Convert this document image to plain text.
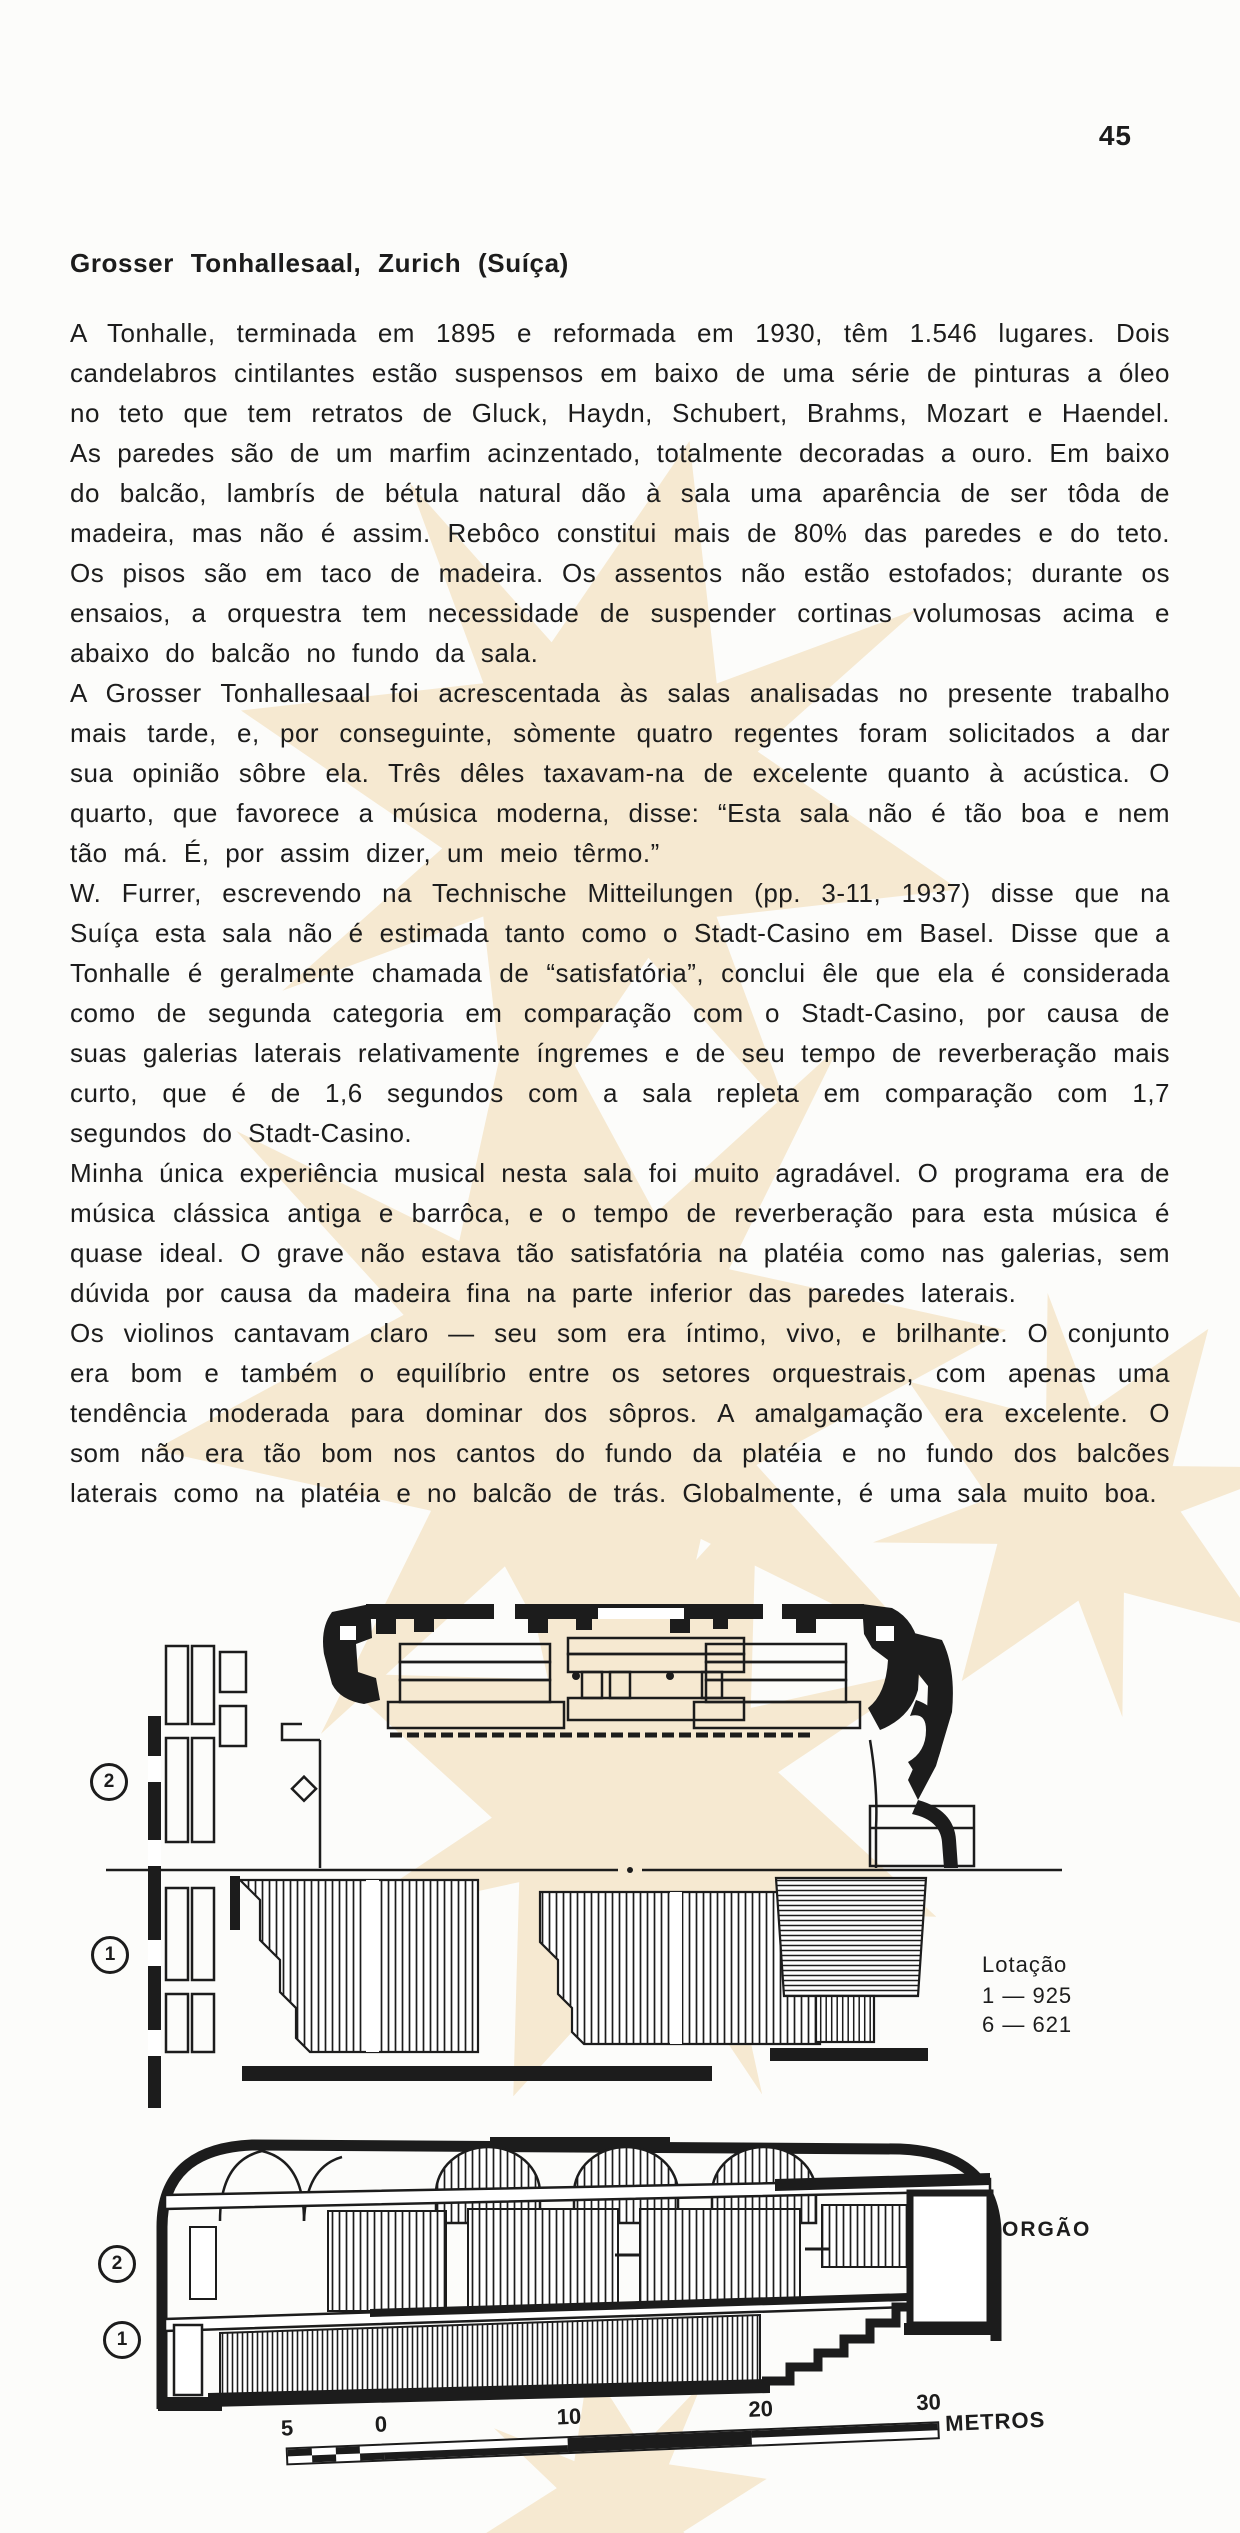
45
Grosser Tonhallesaal, Zurich (Suíça)

A Tonhalle, terminada em 1895 e reformada em 1930, têm 1.546 lugares. Dois candelabros cintilantes estão suspensos em baixo de uma série de pinturas a óleo no teto que tem retratos de Gluck, Haydn, Schubert, Brahms, Mozart e Haendel. As paredes são de um marfim acinzentado, totalmente decoradas a ouro. Em baixo do balcão, lambrís de bétula natural dão à sala uma aparência de ser tôda de madeira, mas não é assim. Rebôco constitui mais de 80% das paredes e do teto. Os pisos são em taco de madeira. Os assentos não estão estofados; durante os ensaios, a orquestra tem necessidade de suspender cortinas volumosas acima e abaixo do balcão no fundo da sala.

A Grosser Tonhallesaal foi acrescentada às salas analisadas no presente trabalho mais tarde, e, por conseguinte, sòmente quatro regentes foram solicitados a dar sua opinião sôbre ela. Três dêles taxavam-na de excelente quanto à acústica. O quarto, que favorece a música moderna, disse: “Esta sala não é tão boa e nem tão má. É, por assim dizer, um meio têrmo.”

W. Furrer, escrevendo na Technische Mitteilungen (pp. 3-11, 1937) disse que na Suíça esta sala não é estimada tanto como o Stadt-Casino em Basel. Disse que a Tonhalle é geralmente chamada de “satisfatória”, conclui êle que ela é considerada como de segunda categoria em comparação com o Stadt-Casino, por causa de suas galerias laterais relativamente íngremes e de seu tempo de reverberação mais curto, que é de 1,6 segundos com a sala repleta em comparação com 1,7 segundos do Stadt-Casino.

Minha única experiência musical nesta sala foi muito agradável. O programa era de música clássica antiga e barrôca, e o tempo de reverberação para esta música é quase ideal. O grave não estava tão satisfatória na platéia como nas galerias, sem dúvida por causa da madeira fina na parte inferior das paredes laterais.

Os violinos cantavam claro — seu som era íntimo, vivo, e brilhante. O conjunto era bom e também o equilíbrio entre os setores orquestrais, com apenas uma tendência moderada para dominar dos sôpros. A amalgamação era excelente. O som não era tão bom nos cantos do fundo da platéia e no fundo dos balcões laterais como na platéia e no balcão de trás. Globalmente, é uma sala muito boa.

2
1	Lotação
1 — 925
6 — 621
2
1
ORGÃO
5	0	10	20	30
METROS
